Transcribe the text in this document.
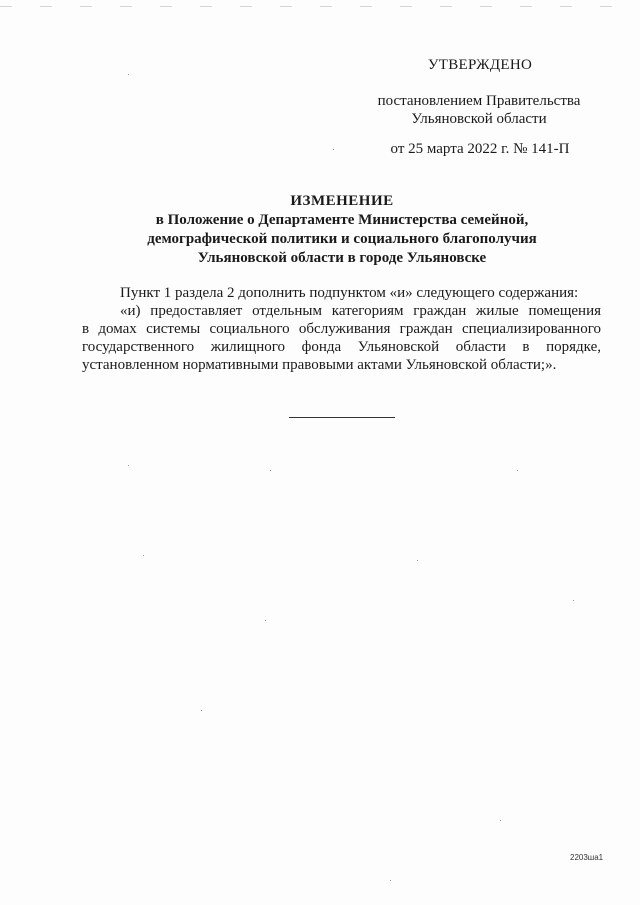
УТВЕРЖДЕНО
постановлением Правительства Ульяновской области
от 25 марта 2022 г. № 141-П
ИЗМЕНЕНИЕ
в Положение о Департаменте Министерства семейной,
демографической политики и социального благополучия
Ульяновской области в городе Ульяновске

Пункт 1 раздела 2 дополнить подпунктом «и» следующего содержания:

«и) предоставляет отдельным категориям граждан жилые помещения
в домах системы социального обслуживания граждан специализированного
государственного жилищного фонда Ульяновской области в порядке,

установленном нормативными правовыми актами Ульяновской области;».

2203ша1
